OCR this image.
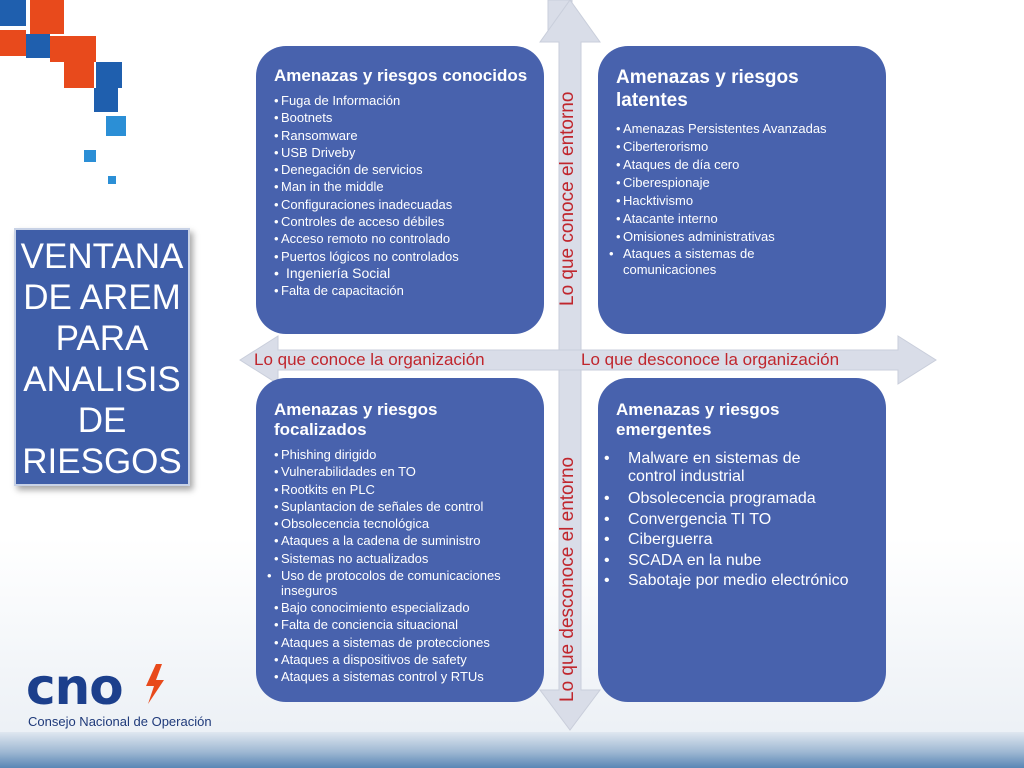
VENTANA
DE AREM
PARA
ANALISIS
DE
RIESGOS
Amenazas y riesgos conocidos
• Fuga de Información
• Bootnets
• Ransomware
• USB Driveby
• Denegación de servicios
• Man in the middle
• Configuraciones inadecuadas
• Controles de acceso débiles
• Acceso remoto no controlado
• Puertos lógicos no controlados
• Ingeniería Social
• Falta de capacitación
Amenazas y riesgos latentes
• Amenazas Persistentes Avanzadas
• Ciberterorismo
• Ataques de día cero
• Ciberespionaje
• Hacktivismo
• Atacante interno
• Omisiones administrativas
• Ataques a sistemas de comunicaciones
Amenazas y riesgos focalizados
• Phishing dirigido
• Vulnerabilidades en TO
• Rootkits en PLC
• Suplantacion de señales de control
• Obsolecencia tecnológica
• Ataques a la cadena de suministro
• Sistemas no actualizados
• Uso de protocolos de comunicaciones inseguros
• Bajo conocimiento especializado
• Falta de conciencia situacional
• Ataques a sistemas de protecciones
• Ataques a dispositivos de safety
• Ataques a sistemas control y RTUs
Amenazas y riesgos emergentes
• Malware en sistemas de control industrial
• Obsolecencia programada
• Convergencia TI TO
• Ciberguerra
• SCADA en la nube
• Sabotaje por medio electrónico
Lo que conoce la organización	Lo que desconoce la organización
Lo que conoce el entorno
Lo que desconoce el entorno
cno
Consejo Nacional de Operación
